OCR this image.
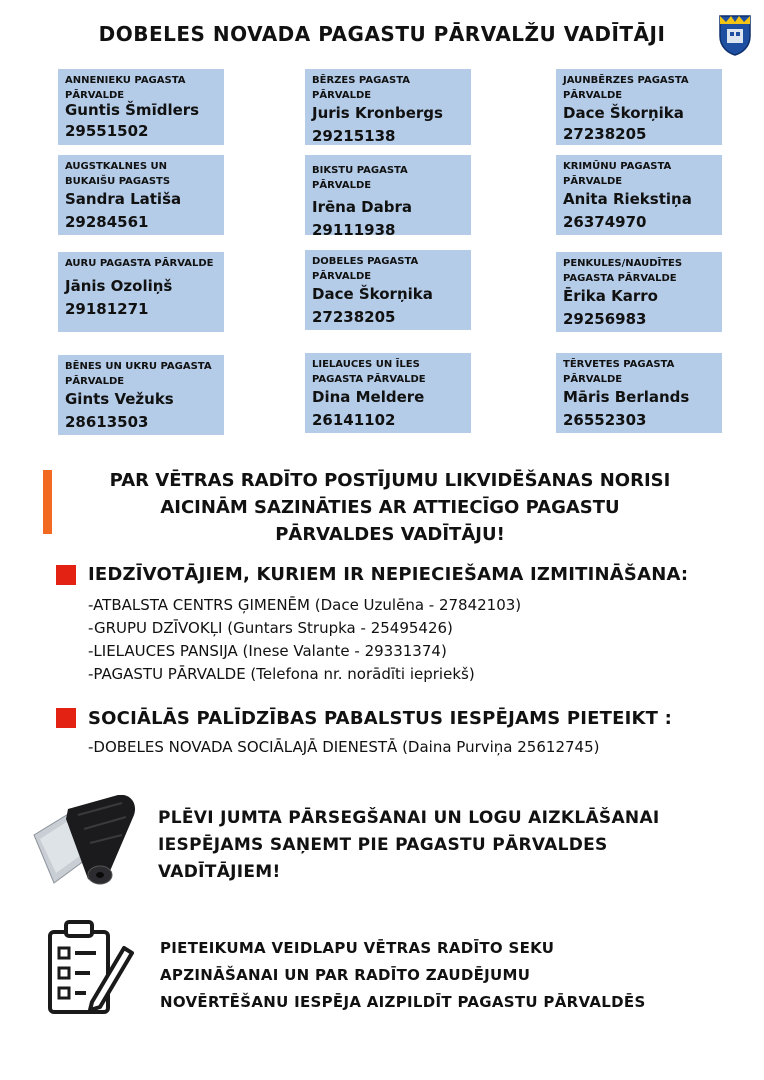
DOBELES NOVADA PAGASTU PĀRVALŽU VADĪTĀJI
ANNENIEKU PAGASTA PĀRVALDE
Guntis Šmīdlers
29551502
BĒRZES PAGASTA PĀRVALDE
Juris Kronbergs
29215138
JAUNBĒRZES PAGASTA PĀRVALDE
Dace Škorņika
27238205
AUGSTKALNES UN BUKAIŠU PAGASTS
Sandra Latiša
29284561
BIKSTU PAGASTA PĀRVALDE
Irēna Dabra
29111938
KRIMŪNU PAGASTA PĀRVALDE
Anita Riekstiņa
26374970
AURU PAGASTA PĀRVALDE
Jānis Ozoliņš
29181271
DOBELES PAGASTA PĀRVALDE
Dace Škorņika
27238205
PENKULES/NAUDĪTES PAGASTA PĀRVALDE
Ērika Karro
29256983
BĒNES UN UKRU PAGASTA PĀRVALDE
Gints Vežuks
28613503
LIELAUCES UN ĪLES PAGASTA PĀRVALDE
Dina Meldere
26141102
TĒRVETES PAGASTA PĀRVALDE
Māris Berlands
26552303
PAR VĒTRAS RADĪTO POSTĪJUMU LIKVIDĒŠANAS NORISI
AICINĀM SAZINĀTIES AR ATTIECĪGO PAGASTU
PĀRVALDES VADĪTĀJU!
IEDZĪVOTĀJIEM, KURIEM IR NEPIECIEŠAMA IZMITINĀŠANA:
-ATBALSTA CENTRS ĢIMENĒM (Dace Uzulēna - 27842103)
-GRUPU DZĪVOKĻI (Guntars Strupka - 25495426)
-LIELAUCES PANSIJA (Inese Valante - 29331374)
-PAGASTU PĀRVALDE (Telefona nr. norādīti iepriekš)
SOCIĀLĀS PALĪDZĪBAS PABALSTUS IESPĒJAMS PIETEIKT :
-DOBELES NOVADA SOCIĀLAJĀ DIENESTĀ (Daina Purviņa 25612745)
PLĒVI JUMTA PĀRSEGŠANAI UN LOGU AIZKLĀŠANAI
IESPĒJAMS SAŅEMT PIE PAGASTU PĀRVALDES
VADĪTĀJIEM!
PIETEIKUMA VEIDLAPU VĒTRAS RADĪTO SEKU
APZINĀŠANAI UN PAR RADĪTO ZAUDĒJUMU
NOVĒRTĒŠANU IESPĒJA AIZPILDĪT PAGASTU PĀRVALDĒS
